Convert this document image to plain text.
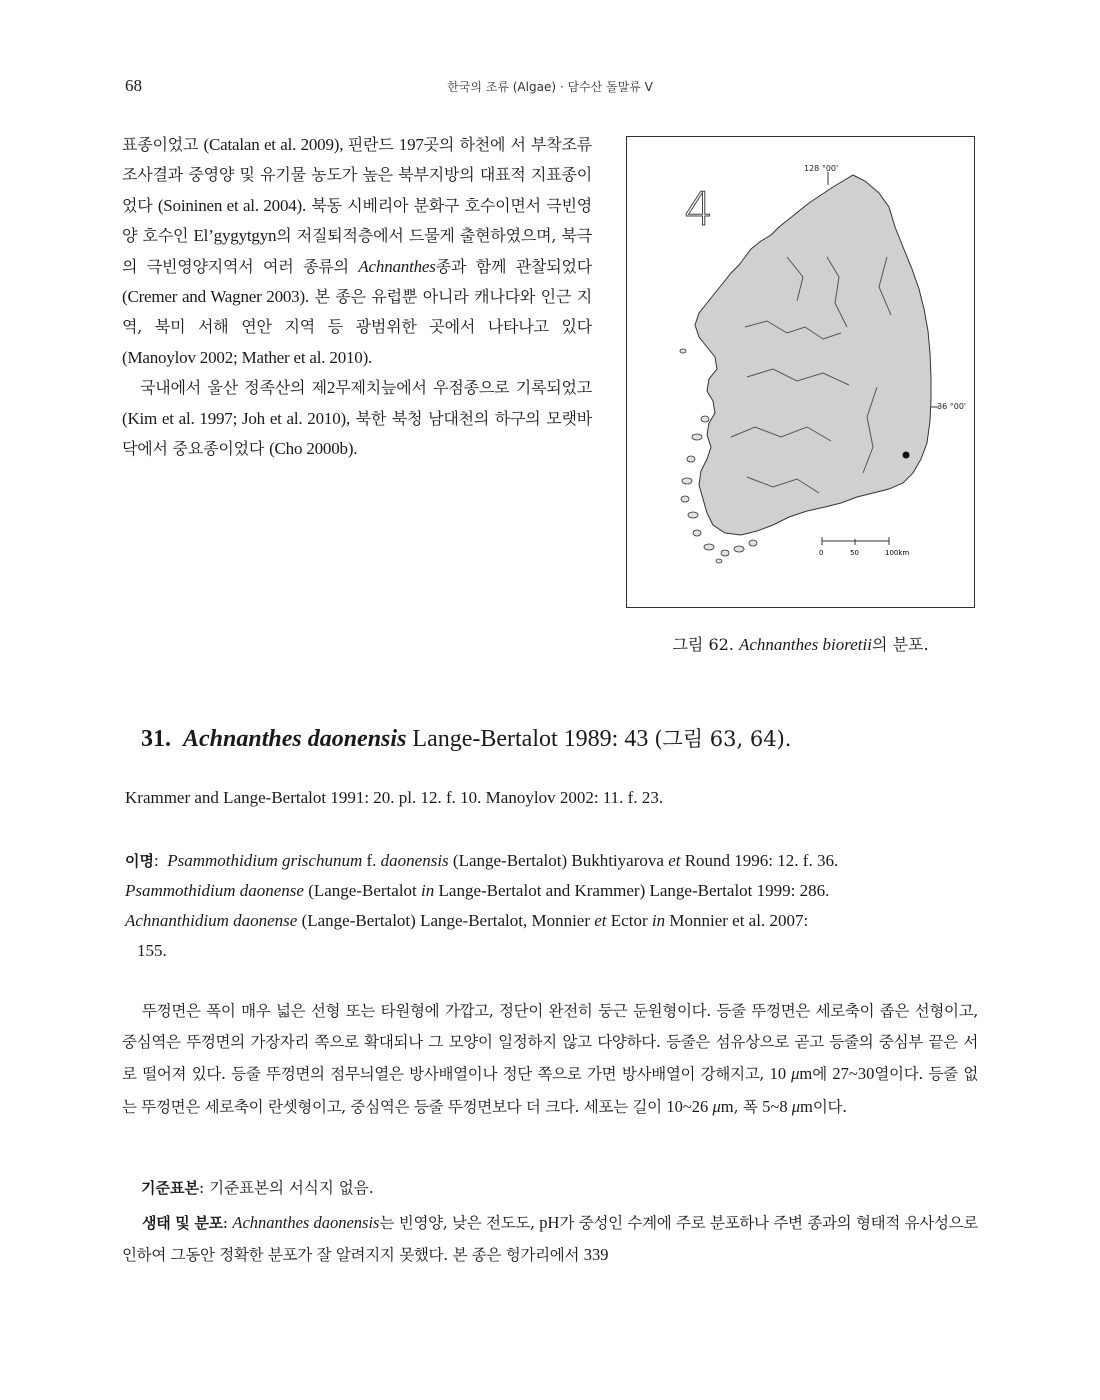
68	한국의 조류 (Algae) · 담수산 돌말류 V

표종이었고 (Catalan et al. 2009), 핀란드 197곳의 하천에 서 부착조류 조사결과 중영양 및 유기물 농도가 높은 북부지방의 대표적 지표종이었다 (Soininen et al. 2004). 북동 시베리아 분화구 호수이면서 극빈영양 호수인 El’gygytgyn의 저질퇴적층에서 드물게 출현하였으며, 북극의 극빈영양지역서 여러 종류의 Achnanthes종과 함께 관찰되었다 (Cremer and Wagner 2003). 본 종은 유럽뿐 아니라 캐나다와 인근 지역, 북미 서해 연안 지역 등 광범위한 곳에서 나타나고 있다 (Manoylov 2002; Mather et al. 2010).

국내에서 울산 정족산의 제2무제치늪에서 우점종으로 기록되었고 (Kim et al. 1997; Joh et al. 2010), 북한 북청 남대천의 하구의 모랫바닥에서 중요종이었다 (Cho 2000b).

128 °00'
36 °00'
4
0	50	100km
그림 62. Achnanthes bioretii의 분포.
31. Achnanthes daonensis Lange-Bertalot 1989: 43 (그림 63, 64).
Krammer and Lange-Bertalot 1991: 20. pl. 12. f. 10. Manoylov 2002: 11. f. 23.
이명:  Psammothidium grischunum f. daonensis (Lange-Bertalot) Bukhtiyarova et Round 1996: 12. f. 36.
Psammothidium daonense (Lange-Bertalot in Lange-Bertalot and Krammer) Lange-Bertalot 1999: 286.
Achnanthidium daonense (Lange-Bertalot) Lange-Bertalot, Monnier et Ector in Monnier et al. 2007:
155.

뚜껑면은 폭이 매우 넓은 선형 또는 타원형에 가깝고, 정단이 완전히 둥근 둔원형이다. 등줄 뚜껑면은 세로축이 좁은 선형이고, 중심역은 뚜껑면의 가장자리 쪽으로 확대되나 그 모양이 일정하지 않고 다양하다. 등줄은 섬유상으로 곧고 등줄의 중심부 끝은 서로 떨어져 있다. 등줄 뚜껑면의 점무늬열은 방사배열이나 정단 쪽으로 가면 방사배열이 강해지고, 10 μm에 27~30열이다. 등줄 없는 뚜껑면은 세로축이 란셋형이고, 중심역은 등줄 뚜껑면보다 더 크다. 세포는 길이 10~26 μm, 폭 5~8 μm이다.

기준표본: 기준표본의 서식지 없음.

생태 및 분포: Achnanthes daonensis는 빈영양, 낮은 전도도, pH가 중성인 수계에 주로 분포하나 주변 종과의 형태적 유사성으로 인하여 그동안 정확한 분포가 잘 알려지지 못했다. 본 종은 헝가리에서 339
